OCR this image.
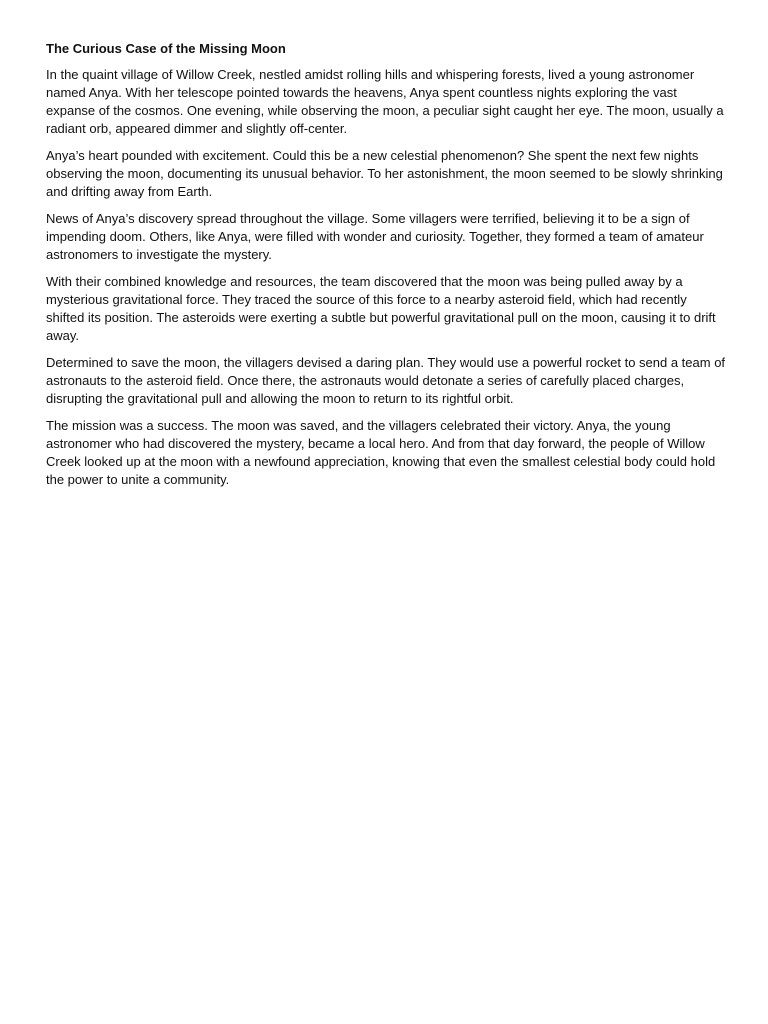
The Curious Case of the Missing Moon

In the quaint village of Willow Creek, nestled amidst rolling hills and whispering forests, lived a young astronomer named Anya. With her telescope pointed towards the heavens, Anya spent countless nights exploring the vast expanse of the cosmos. One evening, while observing the moon, a peculiar sight caught her eye. The moon, usually a radiant orb, appeared dimmer and slightly off-center.

Anya’s heart pounded with excitement. Could this be a new celestial phenomenon? She spent the next few nights observing the moon, documenting its unusual behavior. To her astonishment, the moon seemed to be slowly shrinking and drifting away from Earth.

News of Anya’s discovery spread throughout the village. Some villagers were terrified, believing it to be a sign of impending doom. Others, like Anya, were filled with wonder and curiosity. Together, they formed a team of amateur astronomers to investigate the mystery.

With their combined knowledge and resources, the team discovered that the moon was being pulled away by a mysterious gravitational force. They traced the source of this force to a nearby asteroid field, which had recently shifted its position. The asteroids were exerting a subtle but powerful gravitational pull on the moon, causing it to drift away.

Determined to save the moon, the villagers devised a daring plan. They would use a powerful rocket to send a team of astronauts to the asteroid field. Once there, the astronauts would detonate a series of carefully placed charges, disrupting the gravitational pull and allowing the moon to return to its rightful orbit.

The mission was a success. The moon was saved, and the villagers celebrated their victory. Anya, the young astronomer who had discovered the mystery, became a local hero. And from that day forward, the people of Willow Creek looked up at the moon with a newfound appreciation, knowing that even the smallest celestial body could hold the power to unite a community.
